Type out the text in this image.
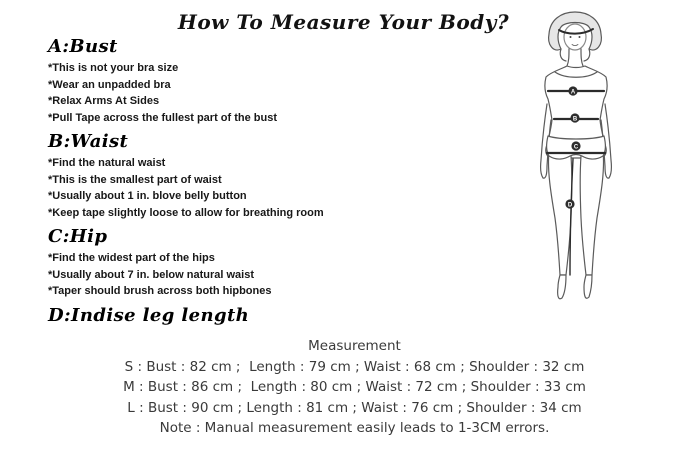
How To Measure Your Body?
A:Bust
*This is not your bra size
*Wear an unpadded bra
*Relax Arms At Sides
*Pull Tape across the fullest part of the bust
B:Waist
*Find the natural waist
*This is the smallest part of waist
*Usually about 1 in. blove belly button
*Keep tape slightly loose to allow for breathing room
C:Hip
*Find the widest part of the hips
*Usually about 7 in. below natural waist
*Taper should brush across both hipbones
D:Indise leg length
A
B
C
D
Measurement
S : Bust : 82 cm ;  Length : 79 cm ; Waist : 68 cm ; Shoulder : 32 cm
M : Bust : 86 cm ;  Length : 80 cm ; Waist : 72 cm ; Shoulder : 33 cm
L : Bust : 90 cm ; Length : 81 cm ; Waist : 76 cm ; Shoulder : 34 cm
Note : Manual measurement easily leads to 1-3CM errors.
